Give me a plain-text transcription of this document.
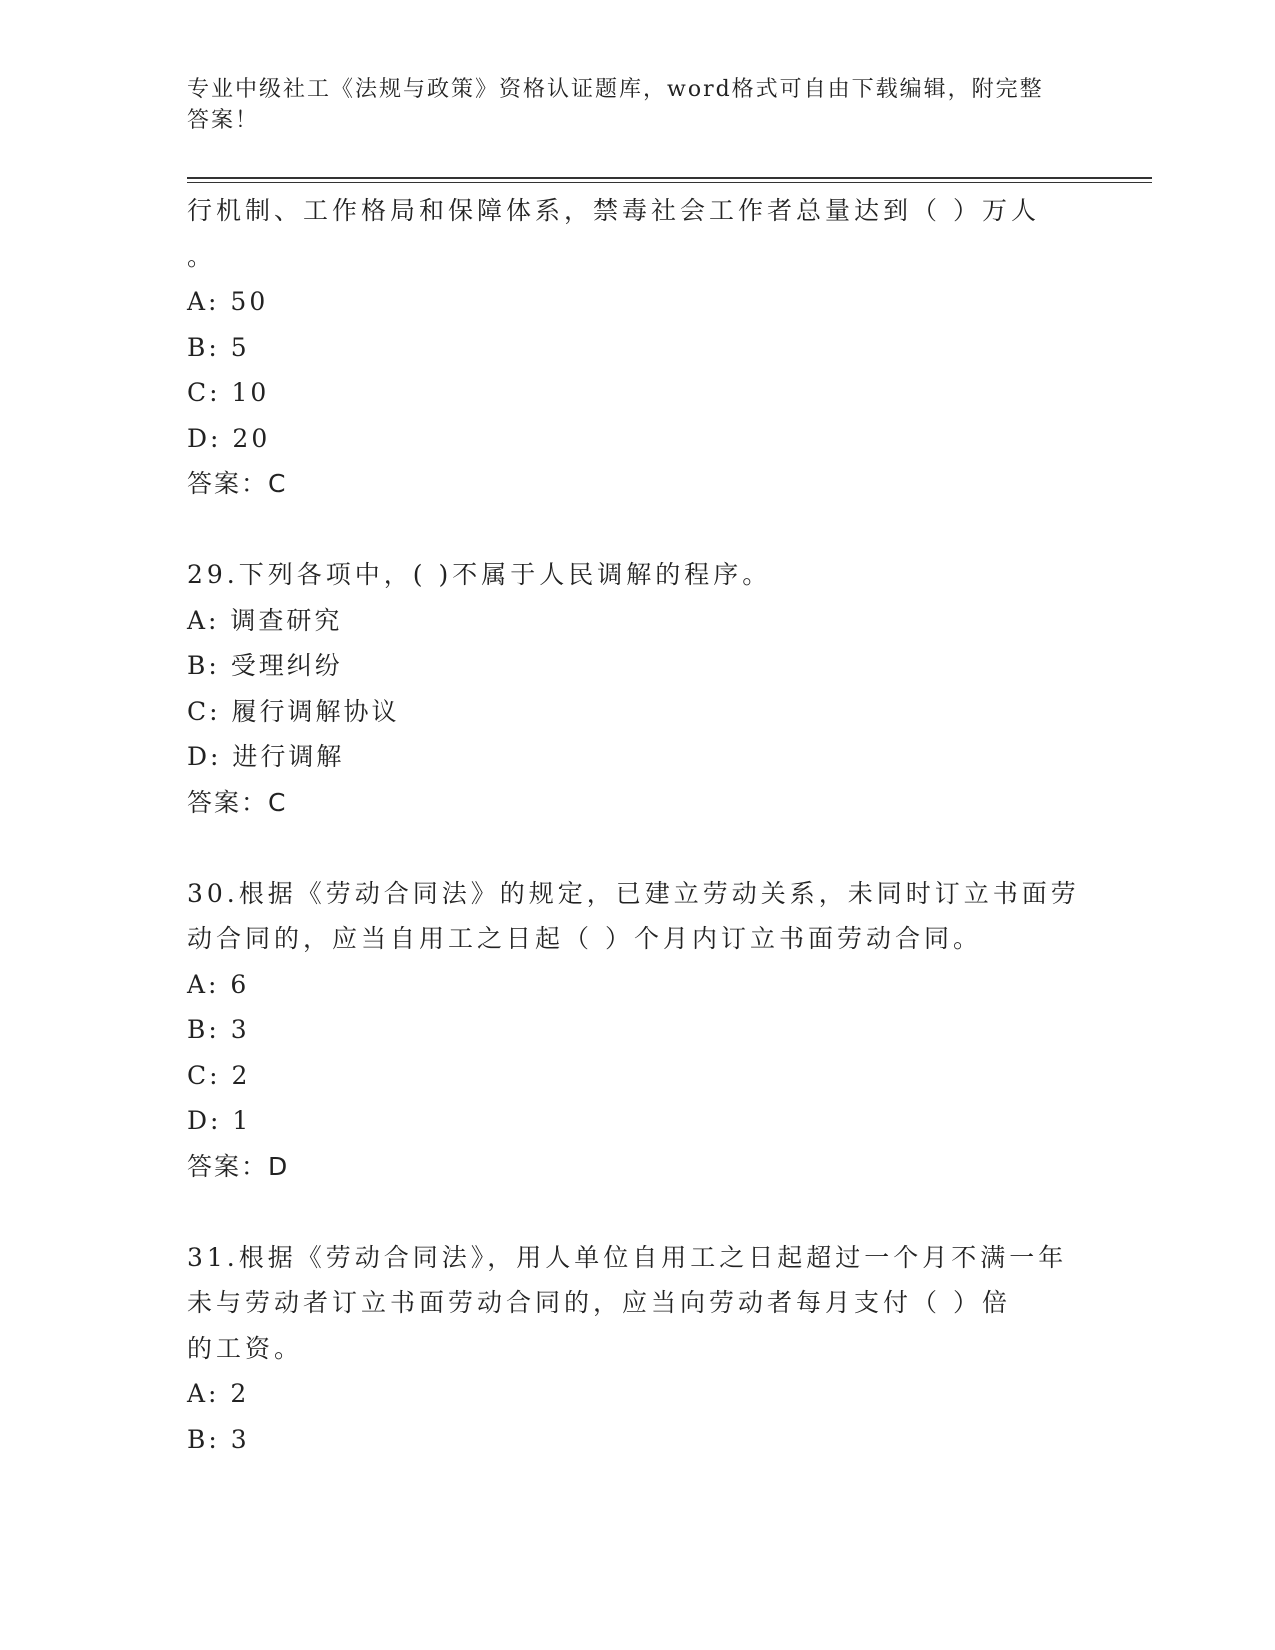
专业中级社工《法规与政策》资格认证题库，word格式可自由下载编辑，附完整
答案！
行机制、工作格局和保障体系，禁毒社会工作者总量达到（ ）万人
。
A: 50
B: 5
C: 10
D: 20
答案：C
29.下列各项中，( )不属于人民调解的程序。
A: 调查研究
B: 受理纠纷
C: 履行调解协议
D: 进行调解
答案：C
30.根据《劳动合同法》的规定，已建立劳动关系，未同时订立书面劳
动合同的，应当自用工之日起（ ）个月内订立书面劳动合同。
A: 6
B: 3
C: 2
D: 1
答案：D
31.根据《劳动合同法》，用人单位自用工之日起超过一个月不满一年
未与劳动者订立书面劳动合同的，应当向劳动者每月支付（ ）倍
的工资。
A: 2
B: 3
